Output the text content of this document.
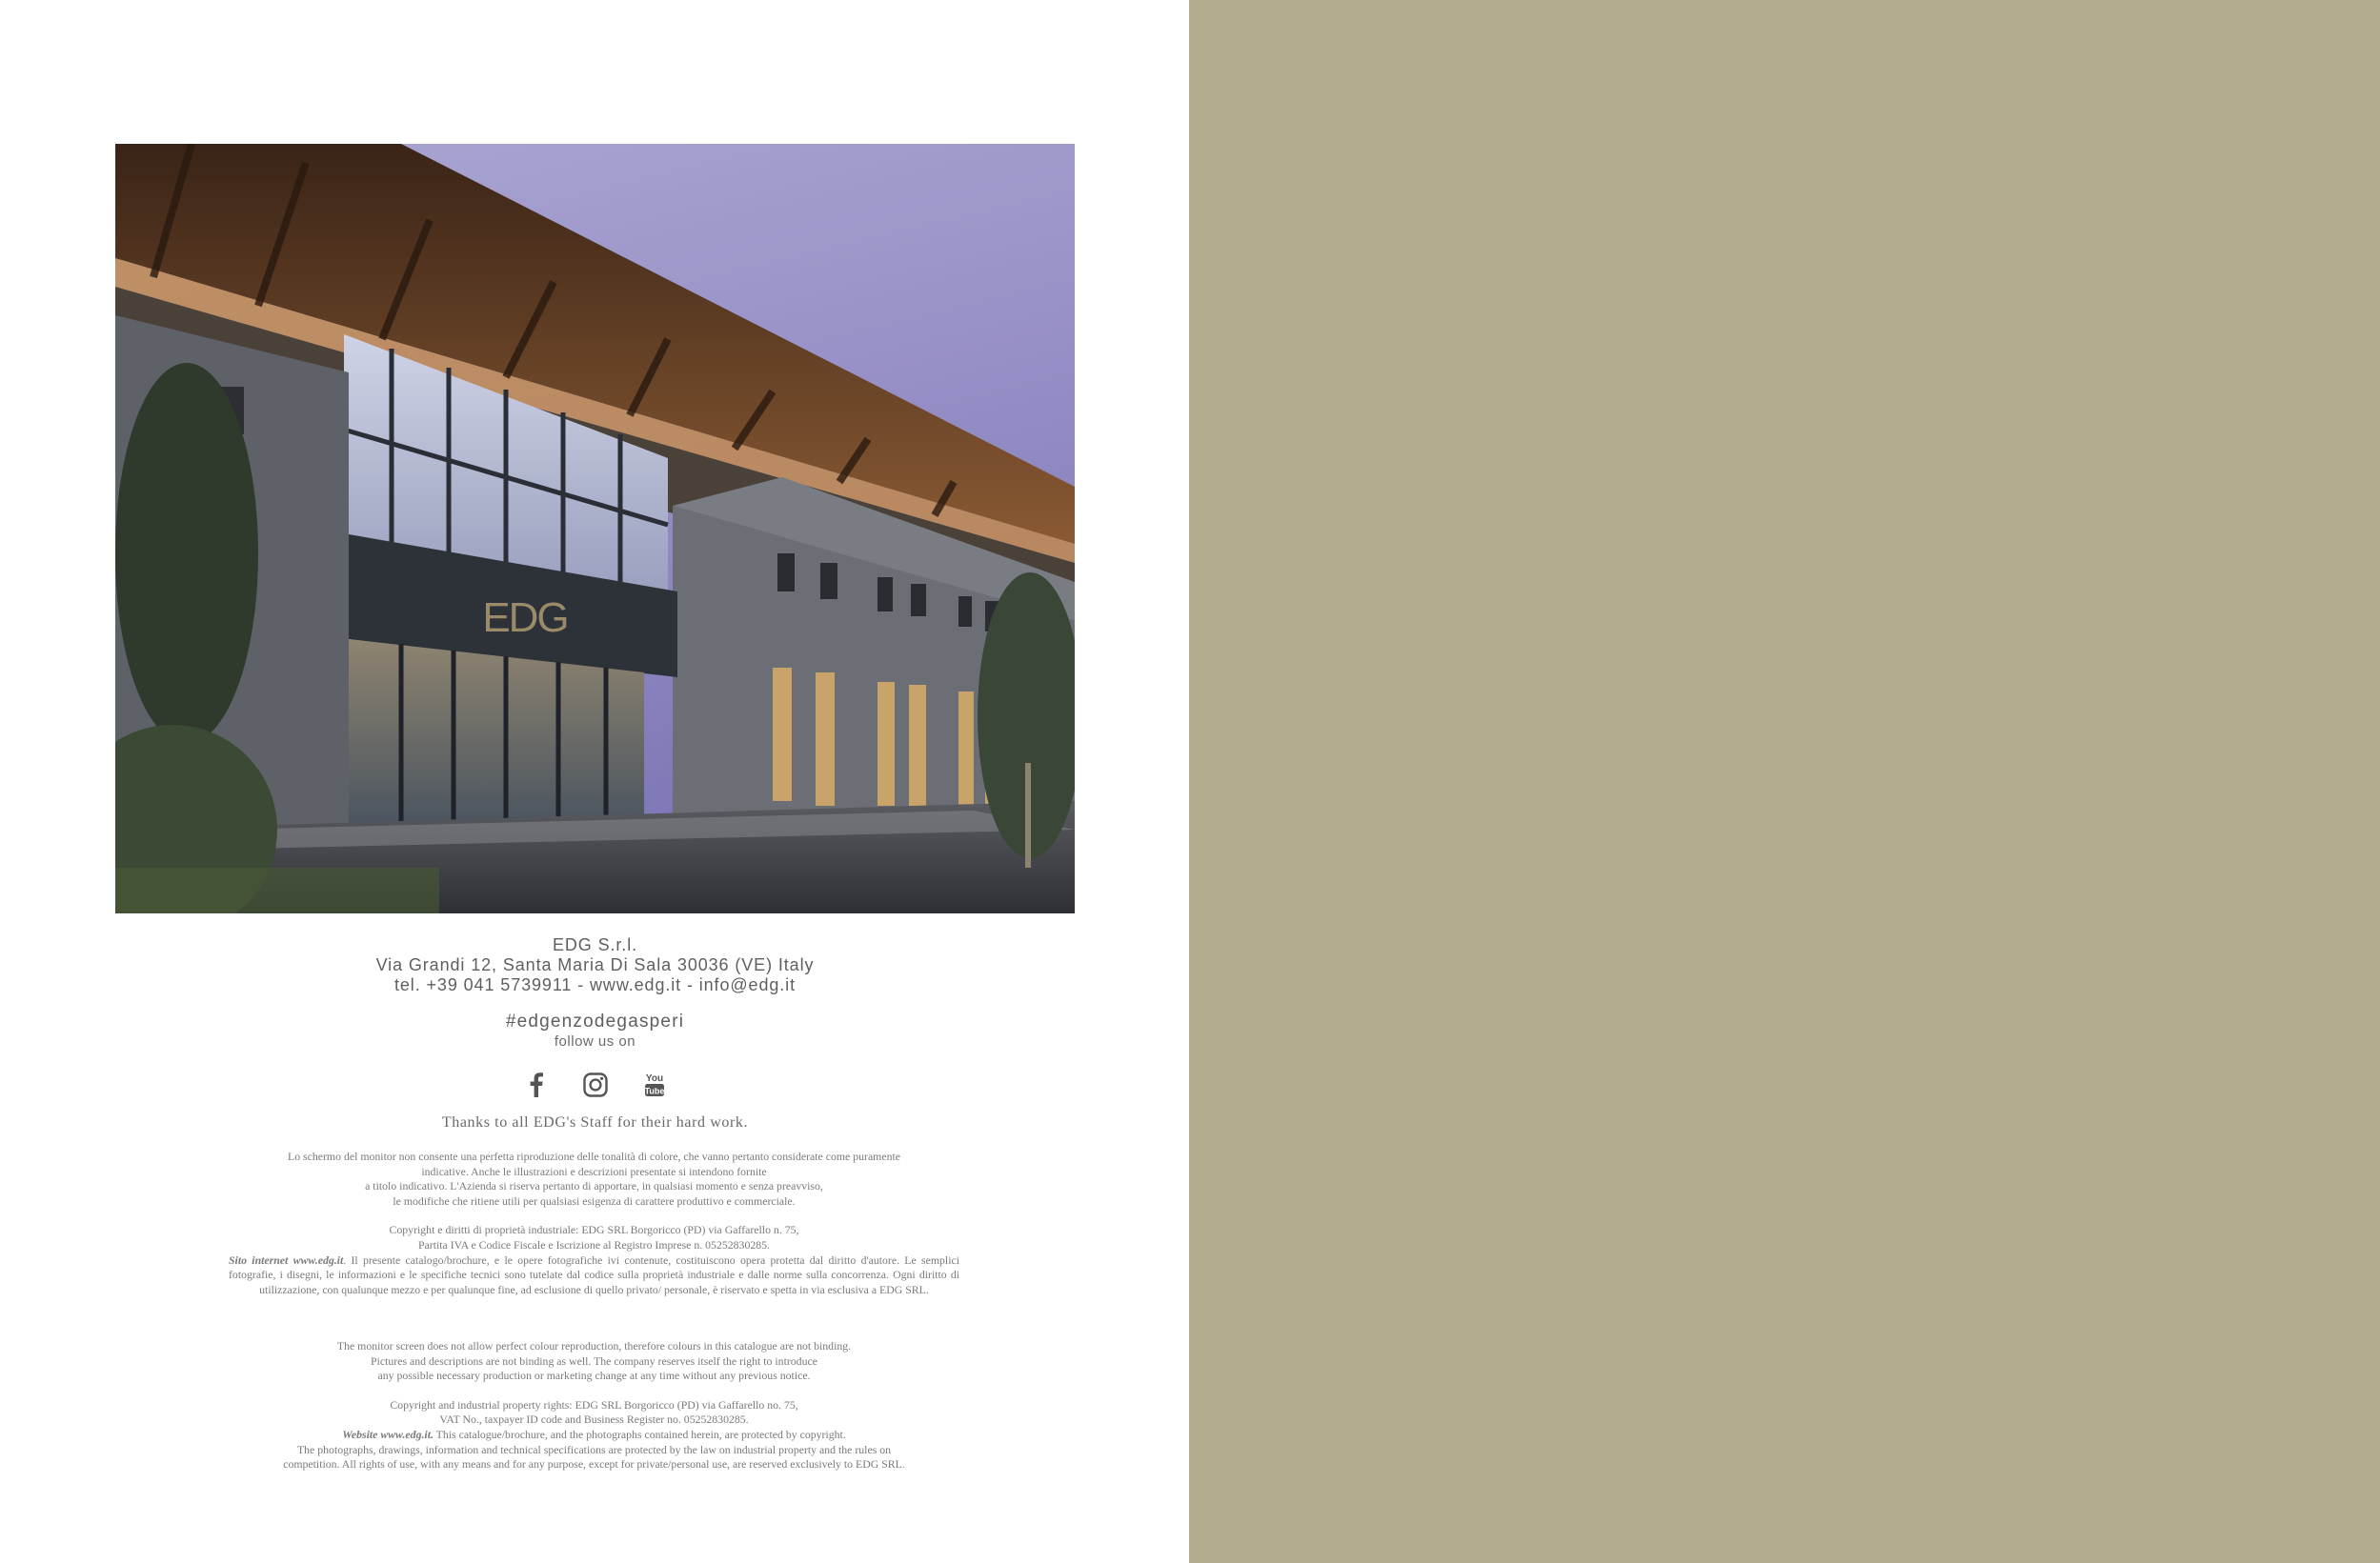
EDG
EDG S.r.l.
Via Grandi 12, Santa Maria Di Sala 30036 (VE) Italy
tel. +39 041 5739911 - www.edg.it - info@edg.it
#edgenzodegasperi
follow us on
You
Tube
Thanks to all EDG's Staff for their hard work.

Lo schermo del monitor non consente una perfetta riproduzione delle tonalità di colore, che vanno pertanto considerate come puramente

indicative. Anche le illustrazioni e descrizioni presentate si intendono fornite

a titolo indicativo. L'Azienda si riserva pertanto di apportare, in qualsiasi momento e senza preavviso,

le modifiche che ritiene utili per qualsiasi esigenza di carattere produttivo e commerciale.

Copyright e diritti di proprietà industriale: EDG SRL Borgoricco (PD) via Gaffarello n. 75,

Partita IVA e Codice Fiscale e Iscrizione al Registro Imprese n. 05252830285.

Sito internet www.edg.it. Il presente catalogo/brochure, e le opere fotografiche ivi contenute, costituiscono opera protetta dal diritto d'autore. Le semplici fotografie, i disegni, le informazioni e le specifiche tecnici sono tutelate dal codice sulla proprietà industriale e dalle norme sulla concorrenza. Ogni diritto di utilizzazione, con qualunque mezzo e per qualunque fine, ad esclusione di quello privato/ personale, è riservato e spetta in via esclusiva a EDG SRL.

The monitor screen does not allow perfect colour reproduction, therefore colours in this catalogue are not binding.

Pictures and descriptions are not binding as well. The company reserves itself the right to introduce

any possible necessary production or marketing change at any time without any previous notice.

Copyright and industrial property rights: EDG SRL Borgoricco (PD) via Gaffarello no. 75,

VAT No., taxpayer ID code and Business Register no. 05252830285.

Website www.edg.it. This catalogue/brochure, and the photographs contained herein, are protected by copyright.

The photographs, drawings, information and technical specifications are protected by the law on industrial property and the rules on

competition. All rights of use, with any means and for any purpose, except for private/personal use, are reserved exclusively to EDG SRL.
